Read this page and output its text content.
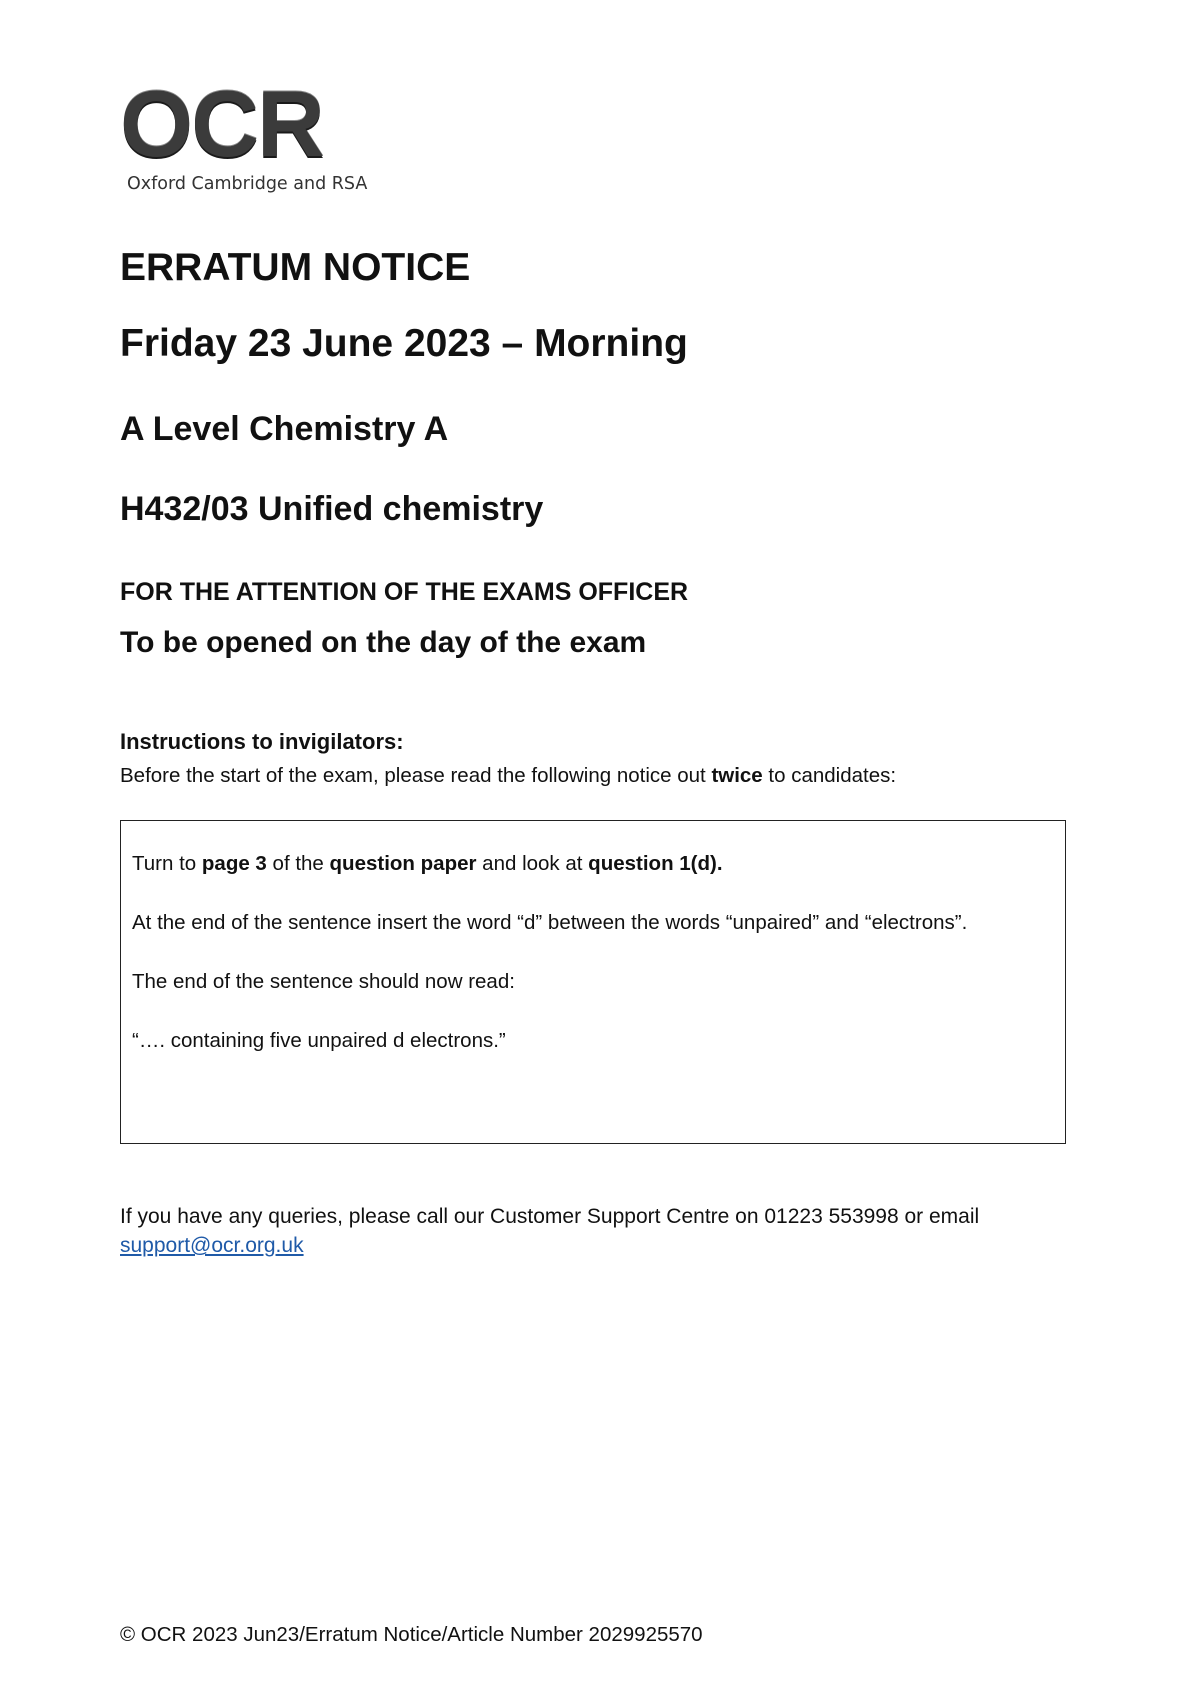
OCR
Oxford Cambridge and RSA
ERRATUM NOTICE
Friday 23 June 2023 – Morning
A Level Chemistry A
H432/03 Unified chemistry
FOR THE ATTENTION OF THE EXAMS OFFICER
To be opened on the day of the exam

Instructions to invigilators:

Before the start of the exam, please read the following notice out twice to candidates:

Turn to page 3 of the question paper and look at question 1(d).

At the end of the sentence insert the word “d” between the words “unpaired” and “electrons”.

The end of the sentence should now read:

“…. containing five unpaired d electrons.”

If you have any queries, please call our Customer Support Centre on 01223 553998 or email
support@ocr.org.uk

© OCR 2023 Jun23/Erratum Notice/Article Number 2029925570
